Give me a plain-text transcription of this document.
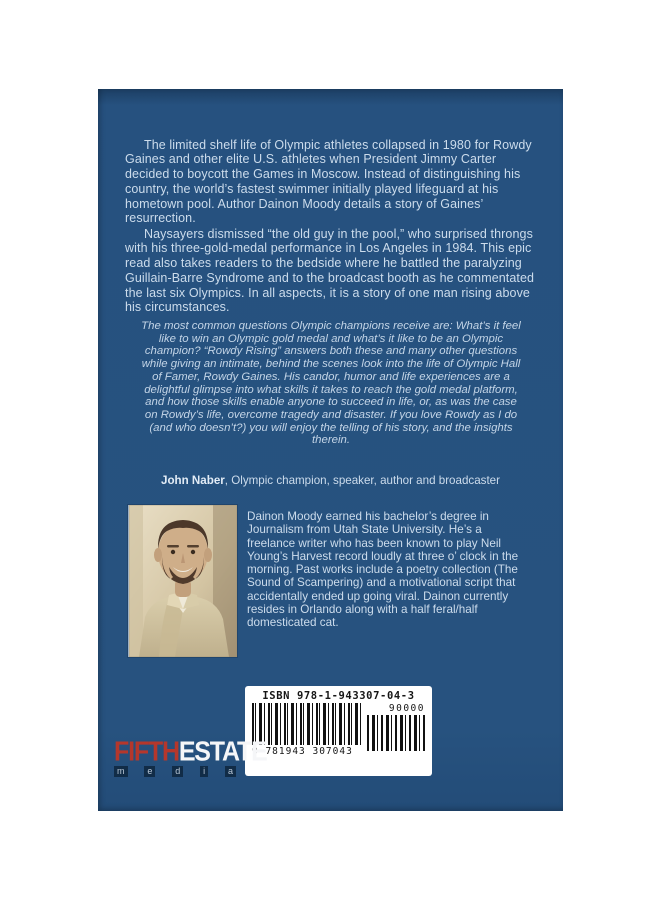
The limited shelf life of Olympic athletes collapsed in 1980 for Rowdy Gaines and other elite U.S. athletes when President Jimmy Carter decided to boycott the Games in Moscow. Instead of distinguishing his country, the world’s fastest swimmer initially played lifeguard at his hometown pool. Author Dainon Moody details a story of Gaines’ resurrection.

Naysayers dismissed “the old guy in the pool,” who surprised throngs with his three-gold-medal performance in Los Angeles in 1984. This epic read also takes readers to the bedside where he battled the paralyzing Guillain-Barre Syndrome and to the broadcast booth as he commentated the last six Olympics. In all aspects, it is a story of one man rising above his circumstances.

The most common questions Olympic champions receive are: What’s it feel like to win an Olympic gold medal and what’s it like to be an Olympic champion? “Rowdy Rising” answers both these and many other questions while giving an intimate, behind the scenes look into the life of Olympic Hall of Famer, Rowdy Gaines. His candor, humor and life experiences are a delightful glimpse into what skills it takes to reach the gold medal platform, and how those skills enable anyone to succeed in life, or, as was the case on Rowdy’s life, overcome tragedy and disaster. If you love Rowdy as I do (and who doesn’t?) you will enjoy the telling of his story, and the insights therein.
John Naber, Olympic champion, speaker, author and broadcaster
Dainon Moody earned his bachelor’s degree in Journalism from Utah State University. He’s a freelance writer who has been known to play Neil Young’s Harvest record loudly at three o’ clock in the morning. Past works include a poetry collection (The Sound of Scampering) and a motivational script that accidentally ended up going viral. Dainon currently resides in Orlando along with a half feral/half domesticated cat.
ISBN 978-1-943307-04-3
9 781943 307043
90000
FIFTHESTATE
m	e	d	i	a
